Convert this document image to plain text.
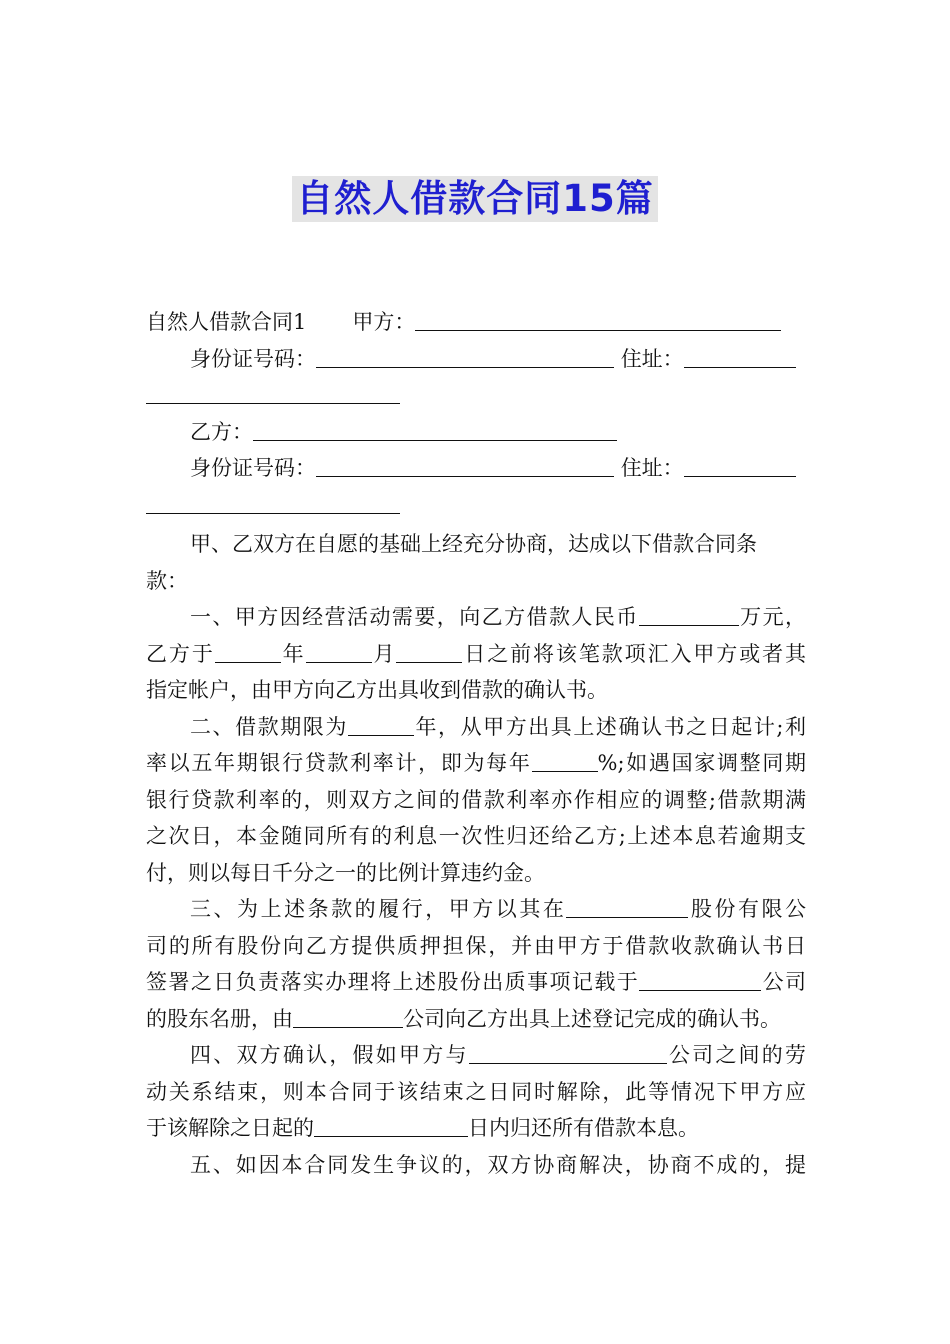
自然人借款合同15篇
自然人借款合同1 甲方：
身份证号码：	住址：
乙方：
身份证号码：	住址：
甲、乙双方在自愿的基础上经充分协商，达成以下借款合同条
款：
一、甲方因经营活动需要，向乙方借款人民币	万元，
乙方于	年	月	日之前将该笔款项汇入甲方或者其
指定帐户，由甲方向乙方出具收到借款的确认书。
二、借款期限为	年，从甲方出具上述确认书之日起计;利
率以五年期银行贷款利率计，即为每年	%;如遇国家调整同期
银行贷款利率的，则双方之间的借款利率亦作相应的调整;借款期满
之次日，本金随同所有的利息一次性归还给乙方;上述本息若逾期支
付，则以每日千分之一的比例计算违约金。
三、为上述条款的履行，甲方以其在	股份有限公
司的所有股份向乙方提供质押担保，并由甲方于借款收款确认书日
签署之日负责落实办理将上述股份出质事项记载于	公司
的股东名册，由	公司向乙方出具上述登记完成的确认书。
四、双方确认，假如甲方与	公司之间的劳
动关系结束，则本合同于该结束之日同时解除，此等情况下甲方应
于该解除之日起的	日内归还所有借款本息。
五、如因本合同发生争议的，双方协商解决，协商不成的，提
